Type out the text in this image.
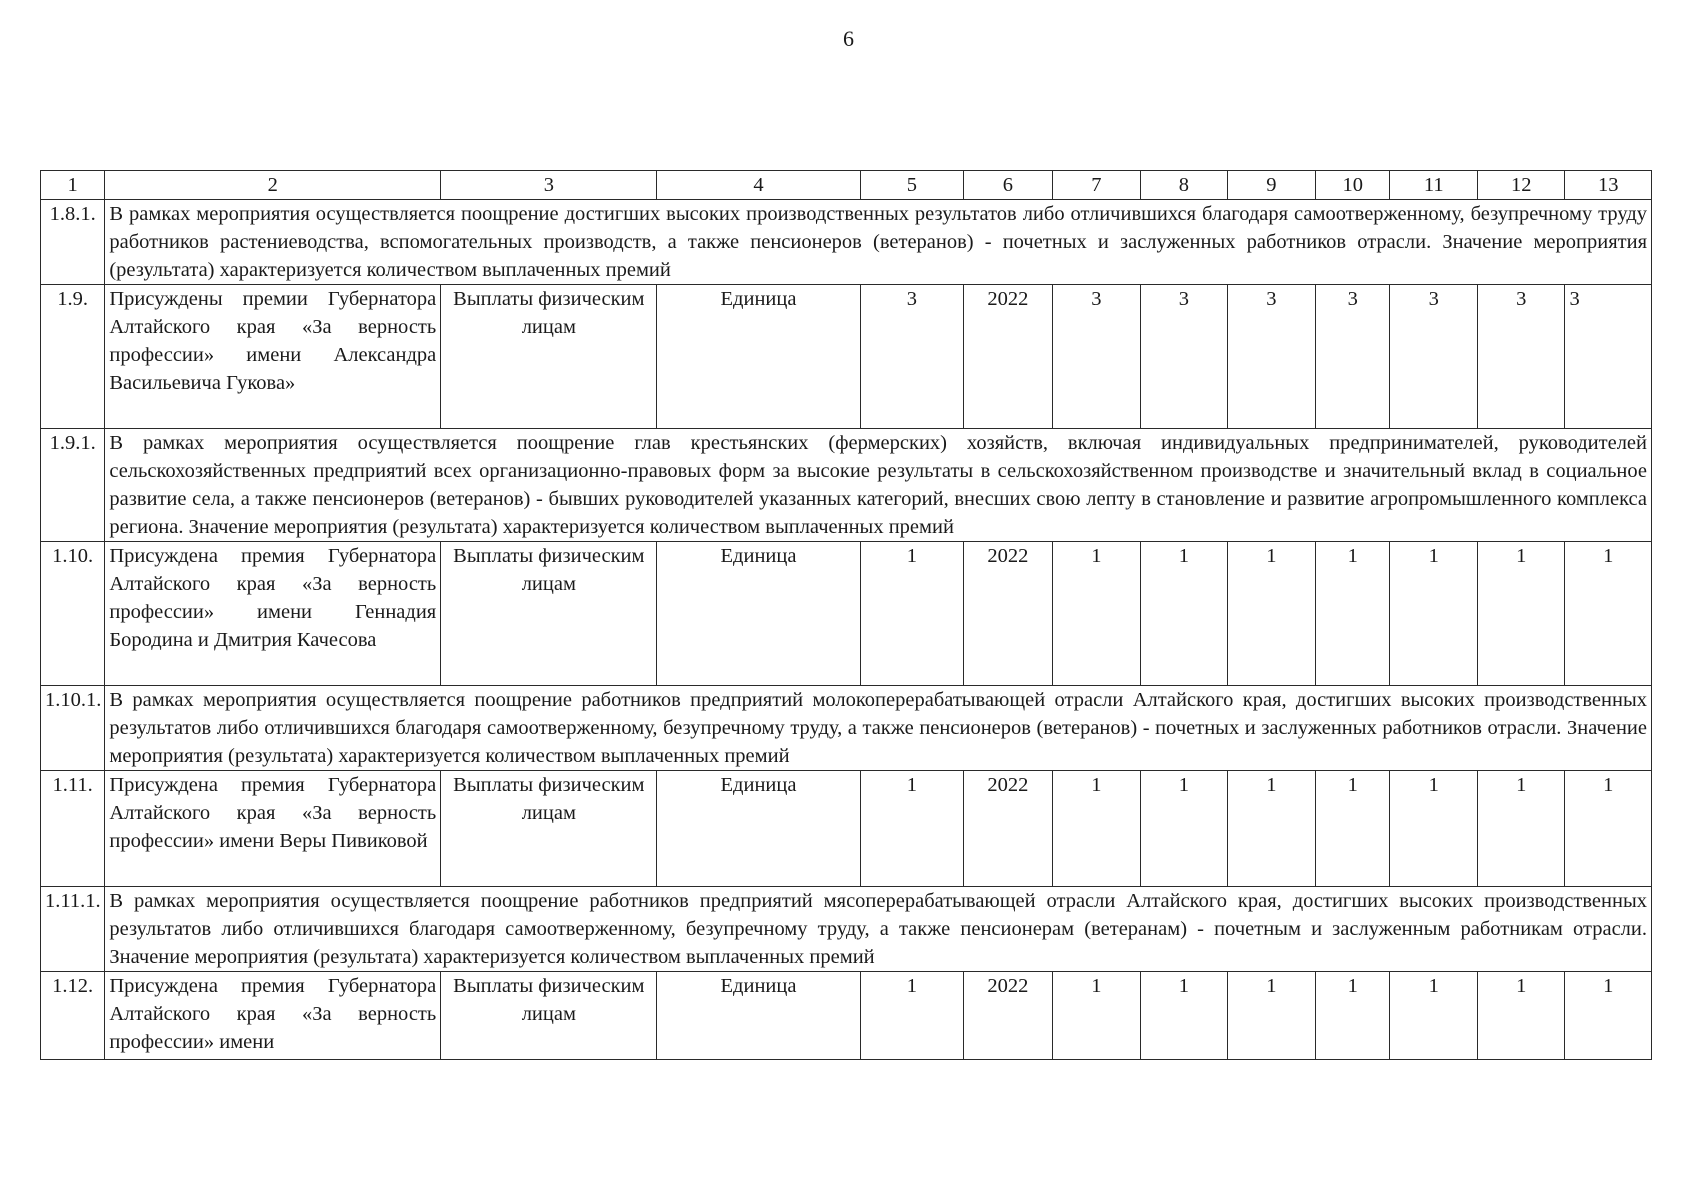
6
1	2	3	4	5	6	7	8	9	10	11	12	13
1.8.1.	В рамках мероприятия осуществляется поощрение достигших высоких производственных результатов либо отличившихся благодаря самоотверженному, безупречному труду работников растениеводства, вспомогательных производств, а также пенсионеров (ветеранов) - почетных и заслуженных работников отрасли. Значение мероприятия (результата) характеризуется количеством выплаченных премий											
1.9.	Присуждены премии Губернатора Алтайского края «За верность профессии» имени Александра Васильевича Гукова»	Выплаты физическим лицам	Единица	3	2022	3	3	3	3	3	3	3
1.9.1.	В рамках мероприятия осуществляется поощрение глав крестьянских (фермерских) хозяйств, включая индивидуальных предпринимателей, руководителей сельскохозяйственных предприятий всех организационно-правовых форм за высокие результаты в сельскохозяйственном производстве и значительный вклад в социальное развитие села, а также пенсионеров (ветеранов) - бывших руководителей указанных категорий, внесших свою лепту в становление и развитие агропромышленного комплекса региона. Значение мероприятия (результата) характеризуется количеством выплаченных премий											
1.10.	Присуждена премия Губернатора Алтайского края «За верность профессии» имени Геннадия Бородина и Дмитрия Качесова	Выплаты физическим лицам	Единица	1	2022	1	1	1	1	1	1	1
1.10.1.	В рамках мероприятия осуществляется поощрение работников предприятий молокоперерабатывающей отрасли Алтайского края, достигших высоких производственных результатов либо отличившихся благодаря самоотверженному, безупречному труду, а также пенсионеров (ветеранов) - почетных и заслуженных работников отрасли. Значение мероприятия (результата) характеризуется количеством выплаченных премий											
1.11.	Присуждена премия Губернатора Алтайского края «За верность профессии» имени Веры Пивиковой	Выплаты физическим лицам	Единица	1	2022	1	1	1	1	1	1	1
1.11.1.	В рамках мероприятия осуществляется поощрение работников предприятий мясоперерабатывающей отрасли Алтайского края, достигших высоких производственных результатов либо отличившихся благодаря самоотверженному, безупречному труду, а также пенсионерам (ветеранам) - почетным и заслуженным работникам отрасли. Значение мероприятия (результата) характеризуется количеством выплаченных премий											
1.12.	Присуждена премия Губернатора Алтайского края «За верность профессии» имени	Выплаты физическим лицам	Единица	1	2022	1	1	1	1	1	1	1
